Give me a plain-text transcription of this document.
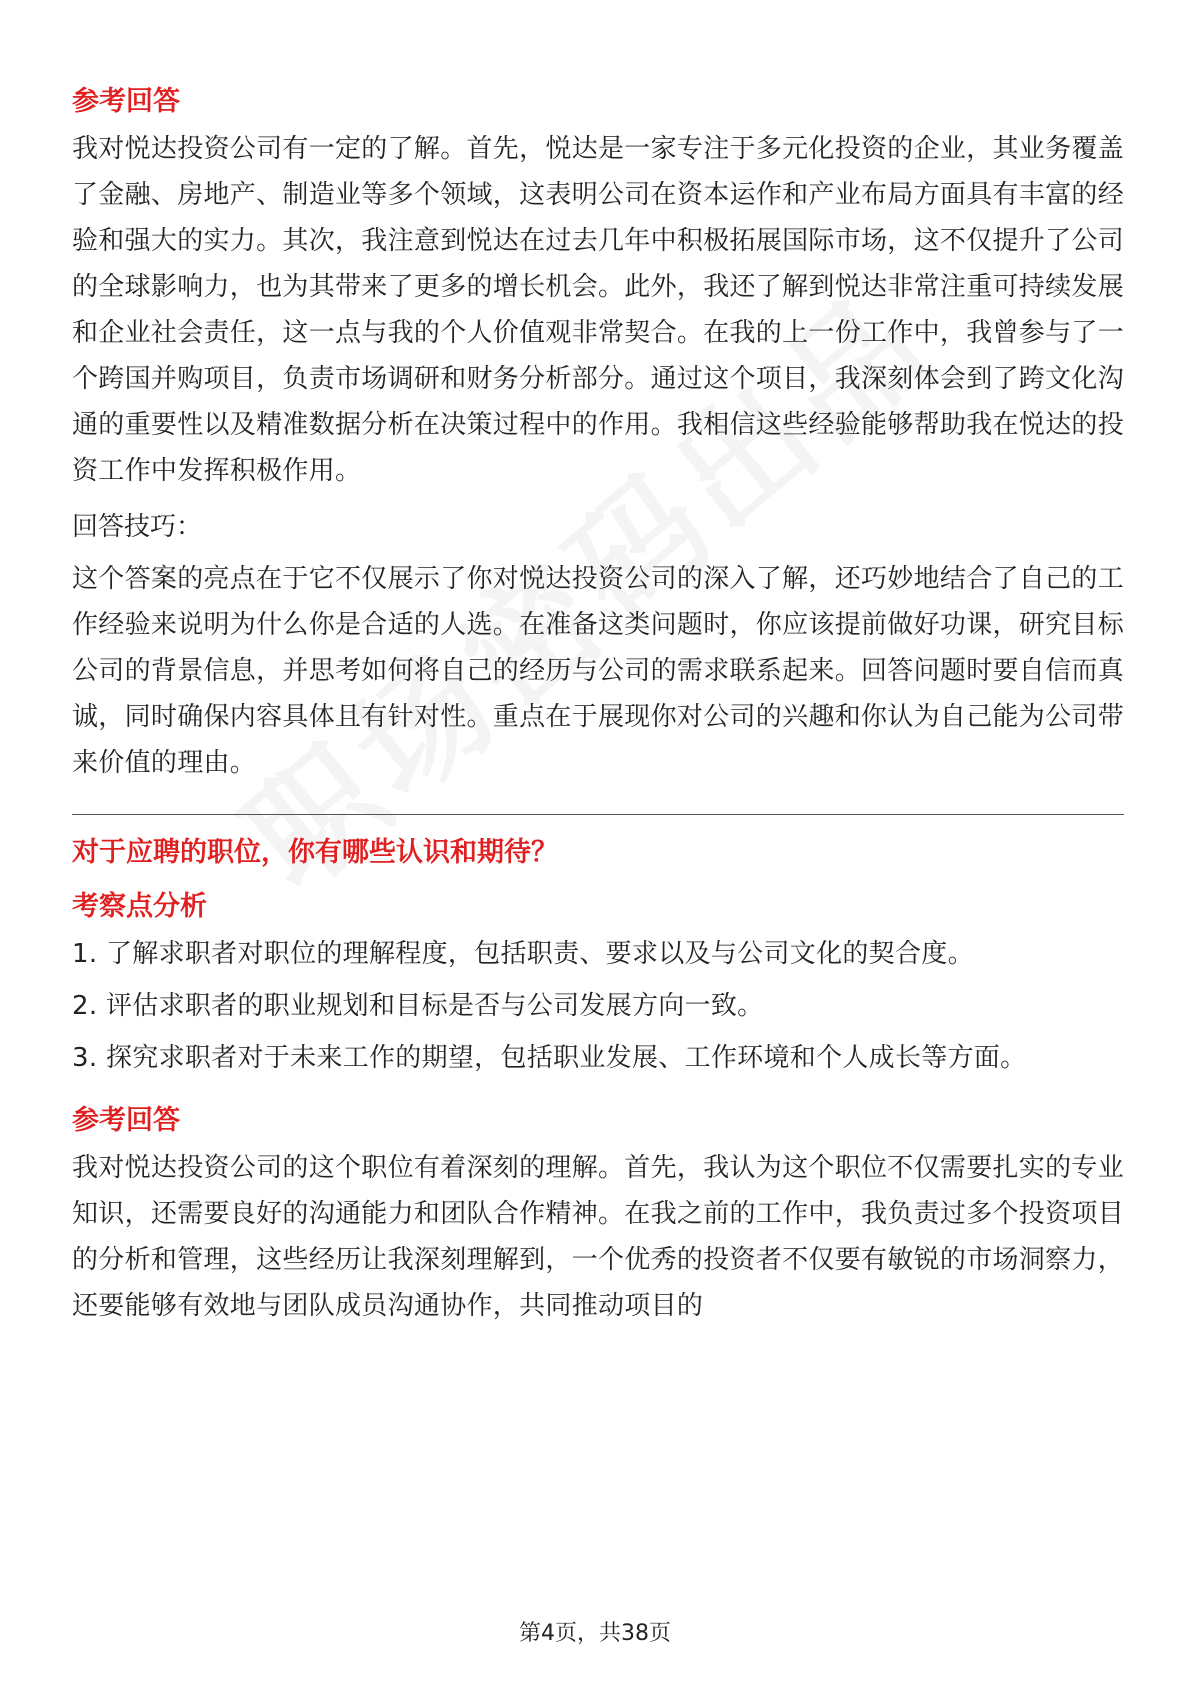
参考回答

我对悦达投资公司有一定的了解。首先，悦达是一家专注于多元化投资的企业，其业务覆盖了金融、房地产、制造业等多个领域，这表明公司在资本运作和产业布局方面具有丰富的经验和强大的实力。其次，我注意到悦达在过去几年中积极拓展国际市场，这不仅提升了公司的全球影响力，也为其带来了更多的增长机会。此外，我还了解到悦达非常注重可持续发展和企业社会责任，这一点与我的个人价值观非常契合。在我的上一份工作中，我曾参与了一个跨国并购项目，负责市场调研和财务分析部分。通过这个项目，我深刻体会到了跨文化沟通的重要性以及精准数据分析在决策过程中的作用。我相信这些经验能够帮助我在悦达的投资工作中发挥积极作用。

回答技巧：

这个答案的亮点在于它不仅展示了你对悦达投资公司的深入了解，还巧妙地结合了自己的工作经验来说明为什么你是合适的人选。在准备这类问题时，你应该提前做好功课，研究目标公司的背景信息，并思考如何将自己的经历与公司的需求联系起来。回答问题时要自信而真诚，同时确保内容具体且有针对性。重点在于展现你对公司的兴趣和你认为自己能为公司带来价值的理由。

对于应聘的职位，你有哪些认识和期待？

考察点分析

1. 了解求职者对职位的理解程度，包括职责、要求以及与公司文化的契合度。

2. 评估求职者的职业规划和目标是否与公司发展方向一致。

3. 探究求职者对于未来工作的期望，包括职业发展、工作环境和个人成长等方面。

参考回答

我对悦达投资公司的这个职位有着深刻的理解。首先，我认为这个职位不仅需要扎实的专业知识，还需要良好的沟通能力和团队合作精神。在我之前的工作中，我负责过多个投资项目的分析和管理，这些经历让我深刻理解到，一个优秀的投资者不仅要有敏锐的市场洞察力，还要能够有效地与团队成员沟通协作，共同推动项目的

第4页，共38页
